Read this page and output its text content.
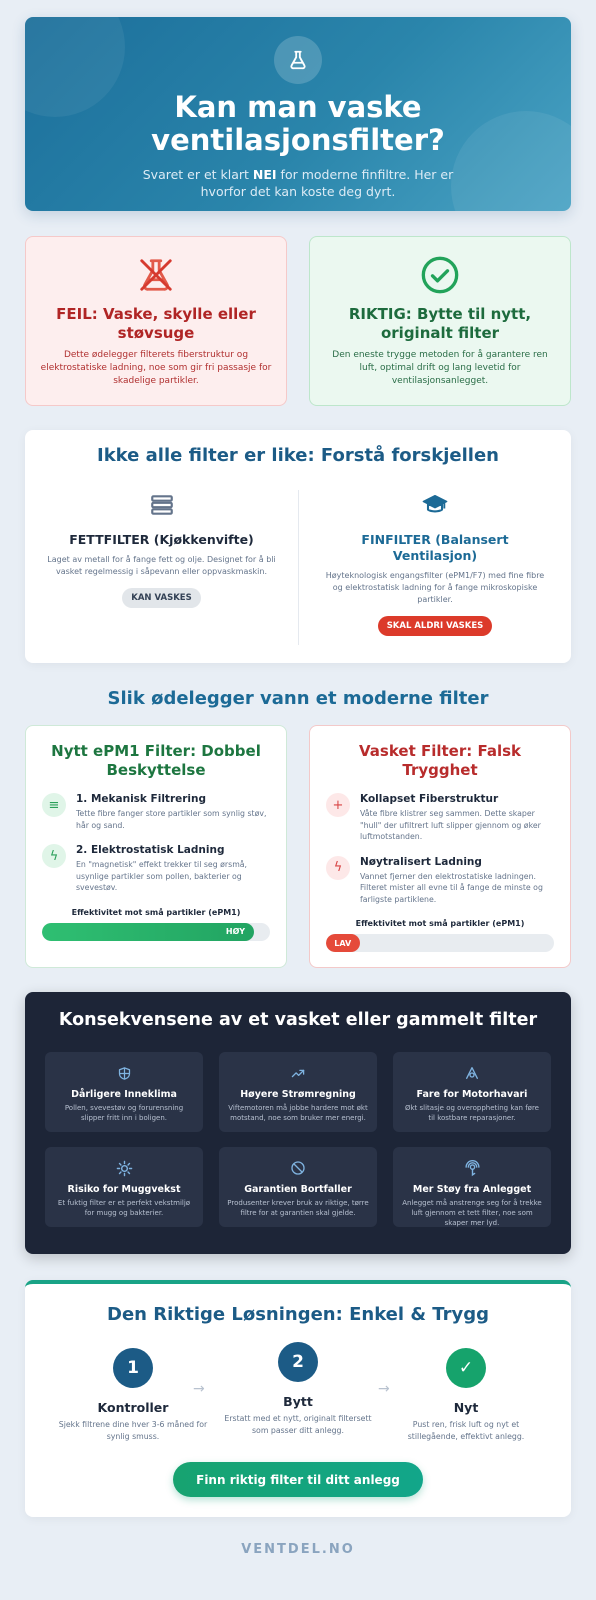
Kan man vaske ventilasjonsfilter?

Svaret er et klart NEI for moderne finfiltre. Her er hvorfor det kan koste deg dyrt.

FEIL: Vaske, skylle eller støvsuge

Dette ødelegger filterets fiberstruktur og elektrostatiske ladning, noe som gir fri passasje for skadelige partikler.

RIKTIG: Bytte til nytt, originalt filter

Den eneste trygge metoden for å garantere ren luft, optimal drift og lang levetid for ventilasjonsanlegget.

Ikke alle filter er like: Forstå forskjellen
FETTFILTER (Kjøkkenvifte)

Laget av metall for å fange fett og olje. Designet for å bli vasket regelmessig i såpevann eller oppvaskmaskin.

KAN VASKES
FINFILTER (Balansert Ventilasjon)

Høyteknologisk engangsfilter (ePM1/F7) med fine fibre og elektrostatisk ladning for å fange mikroskopiske partikler.

SKAL ALDRI VASKES
Slik ødelegger vann et moderne filter
Nytt ePM1 Filter: Dobbel Beskyttelse
≡	1. Mekanisk Filtrering

Tette fibre fanger store partikler som synlig støv, hår og sand.

ϟ	2. Elektrostatisk Ladning

En "magnetisk" effekt trekker til seg ørsmå, usynlige partikler som pollen, bakterier og svevestøv.

Effektivitet mot små partikler (ePM1)
HØY
Vasket Filter: Falsk Trygghet
+	Kollapset Fiberstruktur

Våte fibre klistrer seg sammen. Dette skaper "hull" der ufiltrert luft slipper gjennom og øker luftmotstanden.

ϟ	Nøytralisert Ladning

Vannet fjerner den elektrostatiske ladningen. Filteret mister all evne til å fange de minste og farligste partiklene.

Effektivitet mot små partikler (ePM1)
LAV
Konsekvensene av et vasket eller gammelt filter
Dårligere Inneklima

Pollen, svevestøv og forurensning slipper fritt inn i boligen.

Høyere Strømregning

Viftemotoren må jobbe hardere mot økt motstand, noe som bruker mer energi.

Fare for Motorhavari

Økt slitasje og overoppheting kan føre til kostbare reparasjoner.

Risiko for Muggvekst

Et fuktig filter er et perfekt vekstmiljø for mugg og bakterier.

Garantien Bortfaller

Produsenter krever bruk av riktige, tørre filtre for at garantien skal gjelde.

Mer Støy fra Anlegget

Anlegget må anstrenge seg for å trekke luft gjennom et tett filter, noe som skaper mer lyd.

Den Riktige Løsningen: Enkel & Trygg
1
Kontroller

Sjekk filtrene dine hver 3-6 måned for synlig smuss.

→
2
Bytt

Erstatt med et nytt, originalt filtersett som passer ditt anlegg.

→
✓
Nyt

Pust ren, frisk luft og nyt et stillegående, effektivt anlegg.

Finn riktig filter til ditt anlegg
VENTDEL.NO
